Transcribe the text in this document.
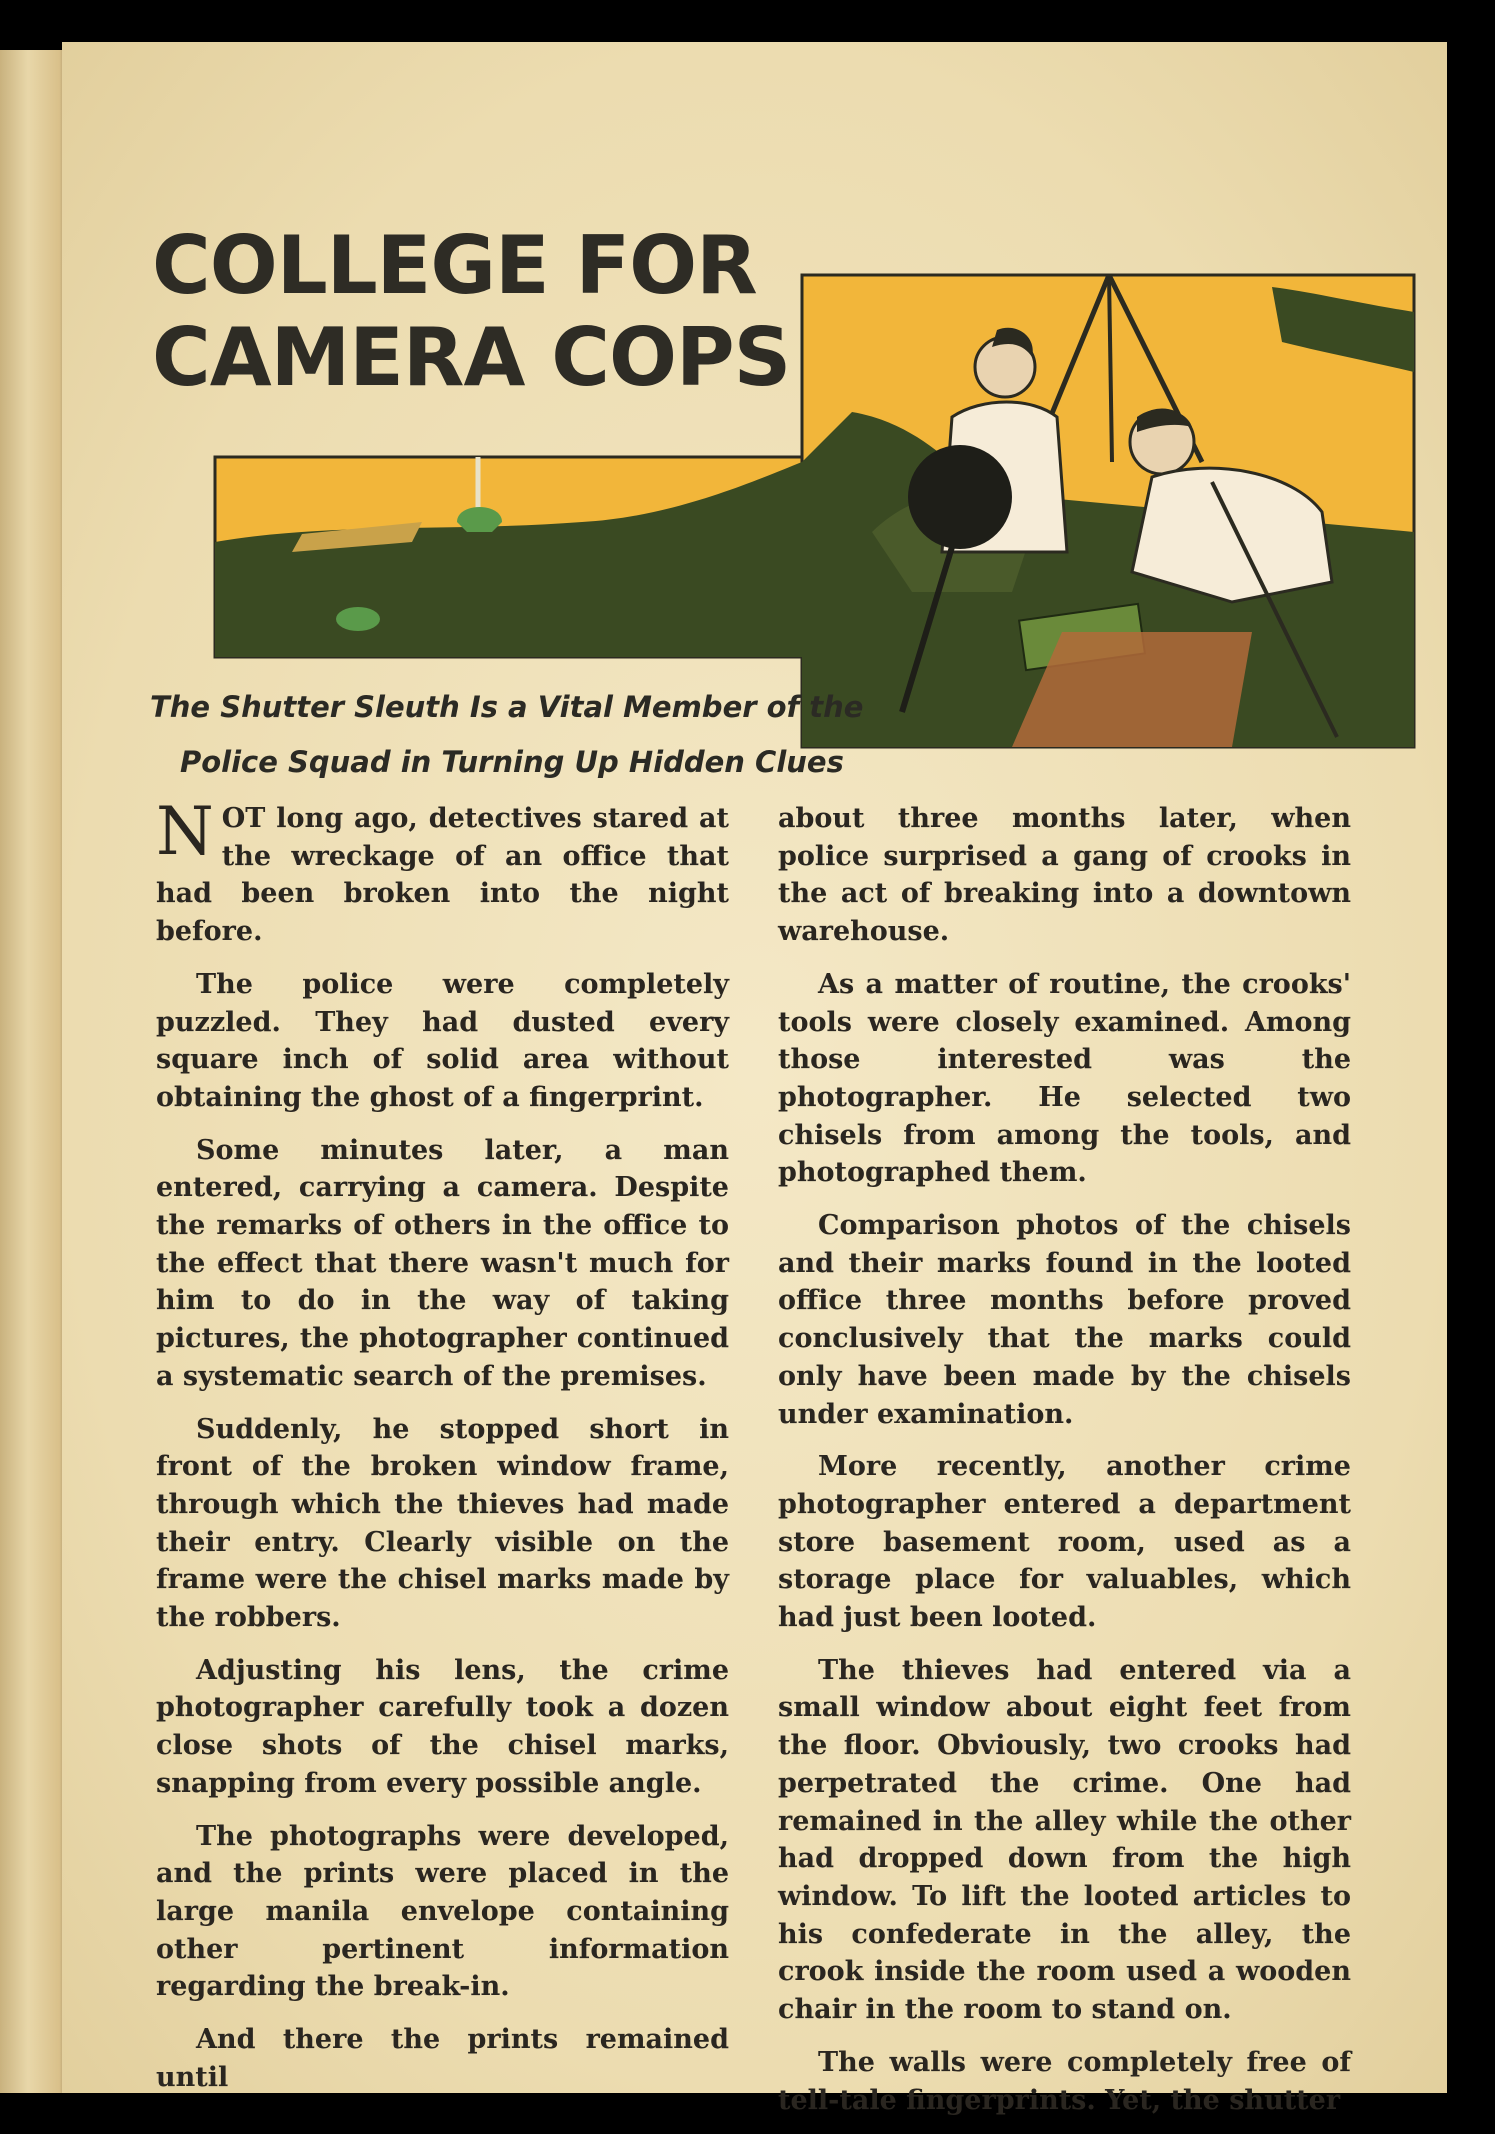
COLLEGE FOR
CAMERA COPS
The Shutter Sleuth Is a Vital Member of the
Police Squad in Turning Up Hidden Clues

NOT long ago, detectives stared at the wreckage of an office that had been broken into the night before.

The police were completely puzzled. They had dusted every square inch of solid area without obtaining the ghost of a fingerprint.

Some minutes later, a man entered, carrying a camera. Despite the remarks of others in the office to the effect that there wasn't much for him to do in the way of taking pictures, the photographer continued a systematic search of the premises.

Suddenly, he stopped short in front of the broken window frame, through which the thieves had made their entry. Clearly visible on the frame were the chisel marks made by the robbers.

Adjusting his lens, the crime photographer carefully took a dozen close shots of the chisel marks, snapping from every possible angle.

The photographs were developed, and the prints were placed in the large manila envelope containing other pertinent information regarding the break-in.

And there the prints remained until

about three months later, when police surprised a gang of crooks in the act of breaking into a downtown warehouse.

As a matter of routine, the crooks' tools were closely examined. Among those interested was the photographer. He selected two chisels from among the tools, and photographed them.

Comparison photos of the chisels and their marks found in the looted office three months before proved conclusively that the marks could only have been made by the chisels under examination.

More recently, another crime photographer entered a department store basement room, used as a storage place for valuables, which had just been looted.

The thieves had entered via a small window about eight feet from the floor. Obviously, two crooks had perpetrated the crime. One had remained in the alley while the other had dropped down from the high window. To lift the looted articles to his confederate in the alley, the crook inside the room used a wooden chair in the room to stand on.

The walls were completely free of tell-tale fingerprints. Yet, the shutter
